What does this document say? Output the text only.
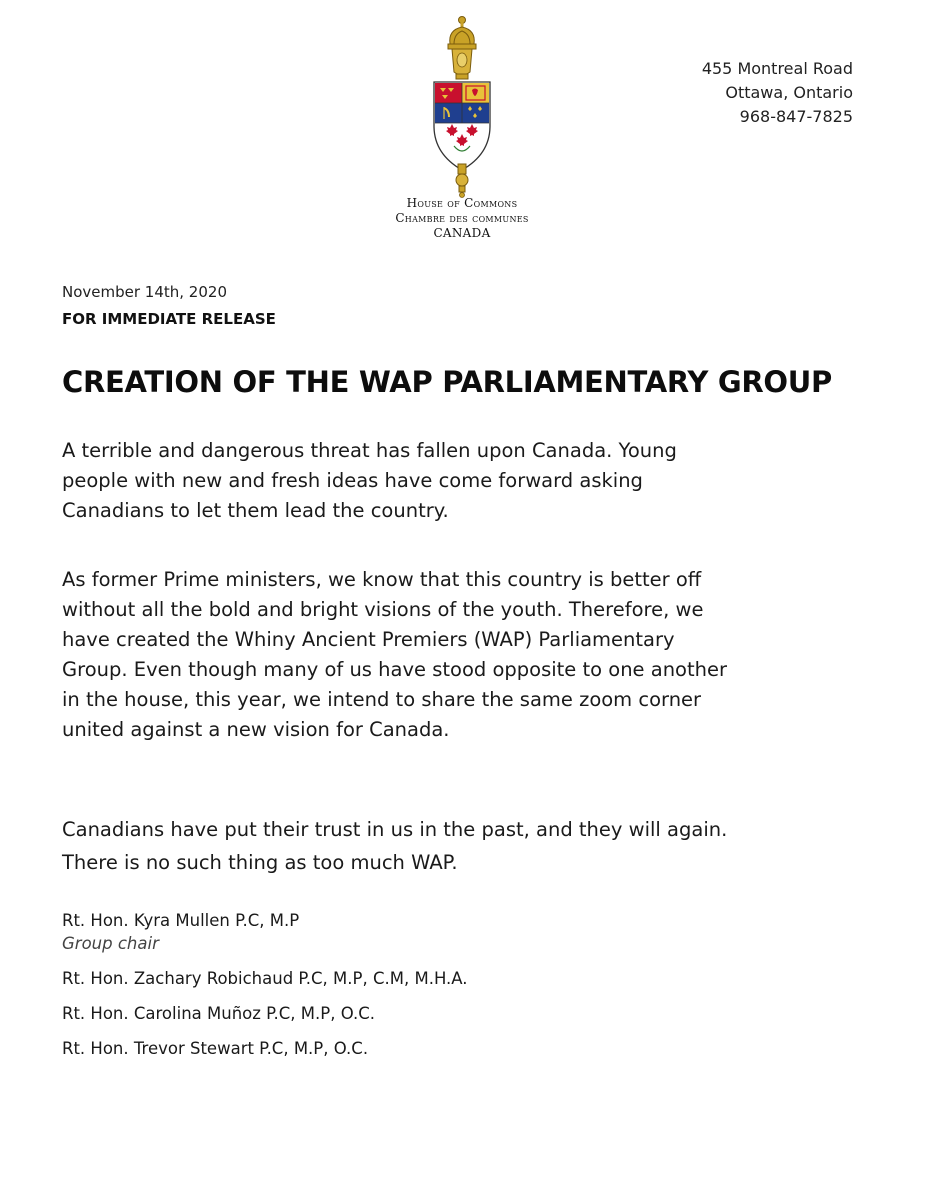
House of Commons
Chambre des communes
CANADA
455 Montreal Road
Ottawa, Ontario
968-847-7825
November 14th, 2020
FOR IMMEDIATE RELEASE
CREATION OF THE WAP PARLIAMENTARY GROUP

A terrible and dangerous threat has fallen upon Canada. Young
people with new and fresh ideas have come forward asking
Canadians to let them lead the country.

As former Prime ministers, we know that this country is better off
without all the bold and bright visions of the youth. Therefore, we
have created the Whiny Ancient Premiers (WAP) Parliamentary
Group. Even though many of us have stood opposite to one another
in the house, this year, we intend to share the same zoom corner
united against a new vision for Canada.

Canadians have put their trust in us in the past, and they will again.

There is no such thing as too much WAP.

Rt. Hon. Kyra Mullen P.C, M.P
Group chair
Rt. Hon. Zachary Robichaud P.C, M.P, C.M, M.H.A.
Rt. Hon. Carolina Muñoz P.C, M.P, O.C.
Rt. Hon. Trevor Stewart P.C, M.P, O.C.
